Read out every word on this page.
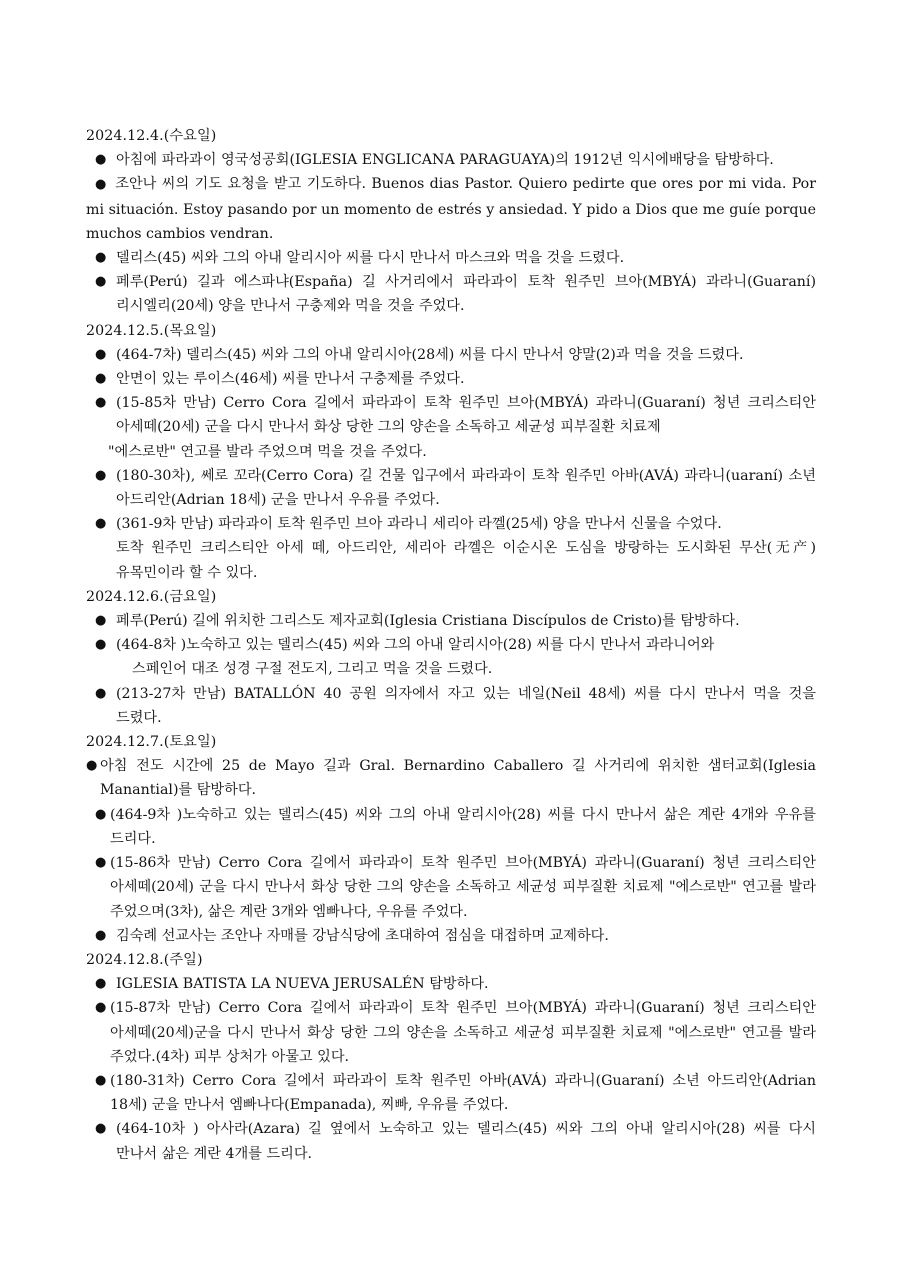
2024.12.4.(수요일)

● 아침에 파라과이 영국성공회(IGLESIA ENGLICANA PARAGUAYA)의 1912년 익시에배당을 탐방하다.

● 조안나 씨의 기도 요청을 받고 기도하다. Buenos dias Pastor. Quiero pedirte que ores por mi vida. Por mi situación. Estoy pasando por un momento de estrés y ansiedad. Y pido a Dios que me guíe porque muchos cambios vendran.

● 델리스(45) 씨와 그의 아내 알리시아 씨를 다시 만나서 마스크와 먹을 것을 드렸다.

● 페루(Perú) 길과 에스파냐(España) 길 사거리에서 파라과이 토착 원주민 브아(MBYÁ) 과라니(Guaraní) 리시엘리(20세) 양을 만나서 구충제와 먹을 것을 주었다.

2024.12.5.(목요일)

● (464-7차) 델리스(45) 씨와 그의 아내 알리시아(28세) 씨를 다시 만나서 양말(2)과 먹을 것을 드렸다.

● 안면이 있는 루이스(46세) 씨를 만나서 구충제를 주었다.

● (15-85차 만남) Cerro Cora 길에서 파라과이 토착 원주민 브아(MBYÁ) 과라니(Guaraní) 청년 크리스티안 아세떼(20세) 군을 다시 만나서 화상 당한 그의 양손을 소독하고 세균성 피부질환 치료제

"에스로반" 연고를 발라 주었으며 먹을 것을 주었다.

● (180-30차), 쎄로 꼬라(Cerro Cora) 길 건물 입구에서 파라과이 토착 원주민 아바(AVÁ) 과라니(uaraní) 소년 아드리안(Adrian 18세) 군을 만나서 우유를 주었다.

● (361-9차 만남) 파라과이 토착 원주민 브아 과라니 세리아 라껠(25세) 양을 만나서 신물을 수었다.

토착 원주민 크리스티안 아세 떼, 아드리안, 세리아 라껠은 이순시온 도심을 방랑하는 도시화된 무산(无产) 유목민이라 할 수 있다.

2024.12.6.(금요일)

● 페루(Perú) 길에 위치한 그리스도 제자교회(Iglesia Cristiana Discípulos de Cristo)를 탐방하다.

● (464-8차 )노숙하고 있는 델리스(45) 씨와 그의 아내 알리시아(28) 씨를 다시 만나서 과라니어와

스페인어 대조 성경 구절 전도지, 그리고 먹을 것을 드렸다.

● (213-27차 만남) BATALLÓN 40 공원 의자에서 자고 있는 네일(Neil 48세) 씨를 다시 만나서 먹을 것을 드렸다.

2024.12.7.(토요일)

● 아침 전도 시간에 25 de Mayo 길과 Gral. Bernardino Caballero 길 사거리에 위치한 샘터교회(Iglesia Manantial)를 탐방하다.

● (464-9차 )노숙하고 있는 델리스(45) 씨와 그의 아내 알리시아(28) 씨를 다시 만나서 삶은 계란 4개와 우유를 드리다.

● (15-86차 만남) Cerro Cora 길에서 파라과이 토착 원주민 브아(MBYÁ) 과라니(Guaraní) 청년 크리스티안 아세떼(20세) 군을 다시 만나서 화상 당한 그의 양손을 소독하고 세균성 피부질환 치료제 "에스로반" 연고를 발라 주었으며(3차), 삶은 계란 3개와 엠빠나다, 우유를 주었다.

● 김숙례 선교사는 조안나 자매를 강남식당에 초대하여 점심을 대접하며 교제하다.

2024.12.8.(주일)

● IGLESIA BATISTA LA NUEVA JERUSALÉN 탐방하다.

● (15-87차 만남) Cerro Cora 길에서 파라과이 토착 원주민 브아(MBYÁ) 과라니(Guaraní) 청년 크리스티안 아세떼(20세)군을 다시 만나서 화상 당한 그의 양손을 소독하고 세균성 피부질환 치료제 "에스로반" 연고를 발라 주었다.(4차) 피부 상처가 아물고 있다.

● (180-31차) Cerro Cora 길에서 파라과이 토착 원주민 아바(AVÁ) 과라니(Guaraní) 소년 아드리안(Adrian 18세) 군을 만나서 엠빠나다(Empanada), 찌빠, 우유를 주었다.

● (464-10차 ) 아사라(Azara) 길 옆에서 노숙하고 있는 델리스(45) 씨와 그의 아내 알리시아(28) 씨를 다시 만나서 삶은 계란 4개를 드리다.
